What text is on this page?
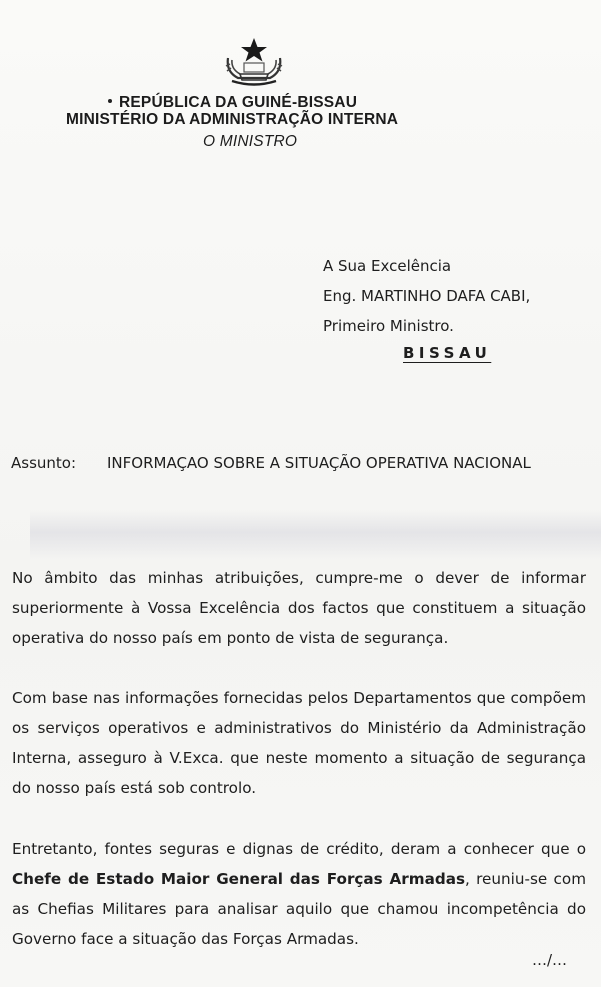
REPÚBLICA DA GUINÉ-BISSAU
MINISTÉRIO DA ADMINISTRAÇÃO INTERNA
O MINISTRO
A Sua Excelência
Eng. MARTINHO DAFA CABI,
Primeiro Ministro.
BISSAU
Assunto: INFORMAÇAO SOBRE A SITUAÇÃO OPERATIVA NACIONAL
No âmbito das minhas atribuições, cumpre-me o dever de informar superiormente à Vossa Excelência dos factos que constituem a situação operativa do nosso país em ponto de vista de segurança.
Com base nas informações fornecidas pelos Departamentos que compõem os serviços operativos e administrativos do Ministério da Administração Interna, asseguro à V.Exca. que neste momento a situação de segurança do nosso país está sob controlo.
Entretanto, fontes seguras e dignas de crédito, deram a conhecer que o Chefe de Estado Maior General das Forças Armadas, reuniu-se com as Chefias Militares para analisar aquilo que chamou incompetência do Governo face a situação das Forças Armadas.
…/…
